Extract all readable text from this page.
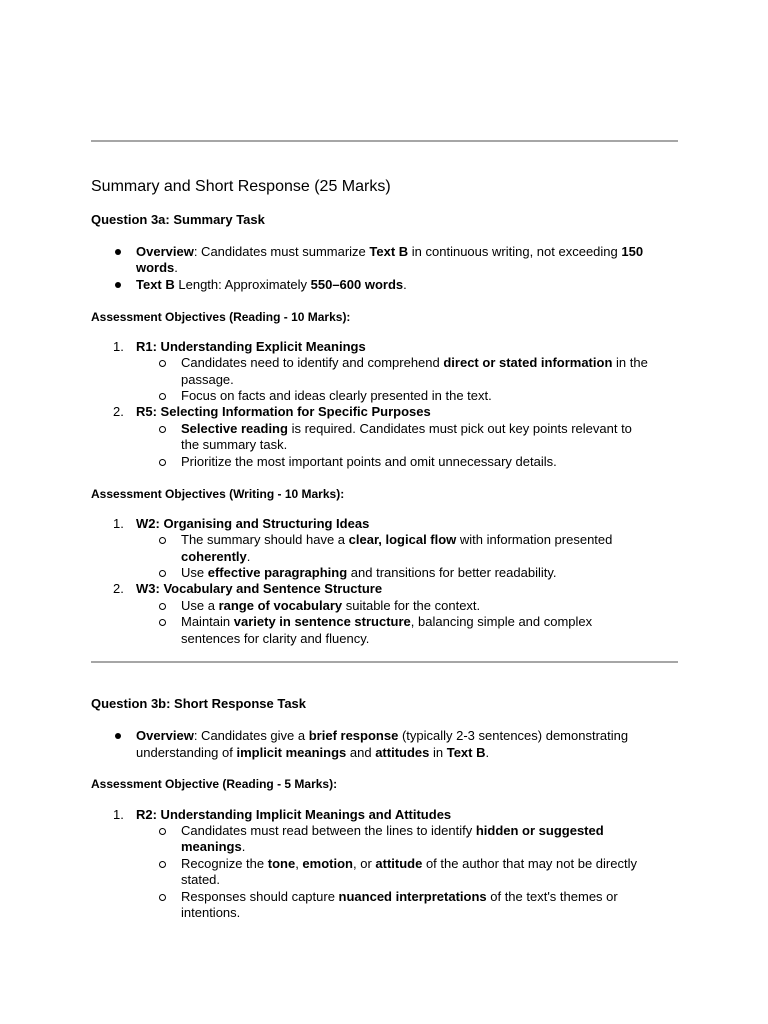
Summary and Short Response (25 Marks)
Question 3a: Summary Task
Overview: Candidates must summarize Text B in continuous writing, not exceeding 150
words.
Text B Length: Approximately 550–600 words.
Assessment Objectives (Reading - 10 Marks):
1. R1: Understanding Explicit Meanings
Candidates need to identify and comprehend direct or stated information in the
passage.
Focus on facts and ideas clearly presented in the text.
2. R5: Selecting Information for Specific Purposes
Selective reading is required. Candidates must pick out key points relevant to
the summary task.
Prioritize the most important points and omit unnecessary details.
Assessment Objectives (Writing - 10 Marks):
1. W2: Organising and Structuring Ideas
The summary should have a clear, logical flow with information presented
coherently.
Use effective paragraphing and transitions for better readability.
2. W3: Vocabulary and Sentence Structure
Use a range of vocabulary suitable for the context.
Maintain variety in sentence structure, balancing simple and complex
sentences for clarity and fluency.
Question 3b: Short Response Task
Overview: Candidates give a brief response (typically 2-3 sentences) demonstrating
understanding of implicit meanings and attitudes in Text B.
Assessment Objective (Reading - 5 Marks):
1. R2: Understanding Implicit Meanings and Attitudes
Candidates must read between the lines to identify hidden or suggested
meanings.
Recognize the tone, emotion, or attitude of the author that may not be directly
stated.
Responses should capture nuanced interpretations of the text's themes or
intentions.
